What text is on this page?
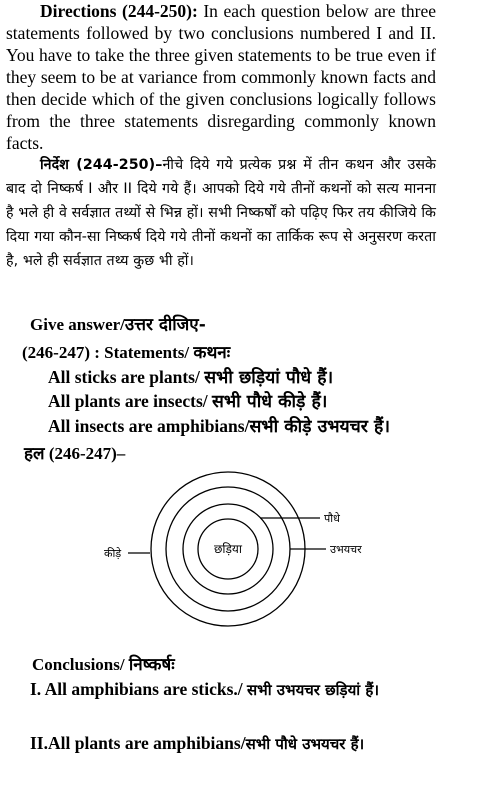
Directions (244-250): In each question below are three statements followed by two conclusions numbered I and II. You have to take the three given statements to be true even if they seem to be at variance from commonly known facts and then decide which of the given conclusions logically follows from the three statements disregarding commonly known facts.

निर्देश (244-250)–नीचे दिये गये प्रत्येक प्रश्न में तीन कथन और उसके बाद दो निष्कर्ष I और II दिये गये हैं। आपको दिये गये तीनों कथनों को सत्य मानना है भले ही वे सर्वज्ञात तथ्यों से भिन्न हों। सभी निष्कर्षों को पढ़िए फिर तय कीजिये कि दिया गया कौन-सा निष्कर्ष दिये गये तीनों कथनों का तार्किक रूप से अनुसरण करता है, भले ही सर्वज्ञात तथ्य कुछ भी हों।

Give answer/उत्तर दीजिए-

(246-247) : Statements/ कथनः

All sticks are plants/ सभी छड़ियां पौधे हैं।

All plants are insects/ सभी पौधे कीड़े हैं।

All insects are amphibians/सभी कीड़े उभयचर हैं।

हल (246-247)–

छड़िया
पौधे
उभयचर
कीड़े

Conclusions/ निष्कर्षः

I. All amphibians are sticks./ सभी उभयचर छड़ियां हैं।

II.All plants are amphibians/सभी पौधे उभयचर हैं।
